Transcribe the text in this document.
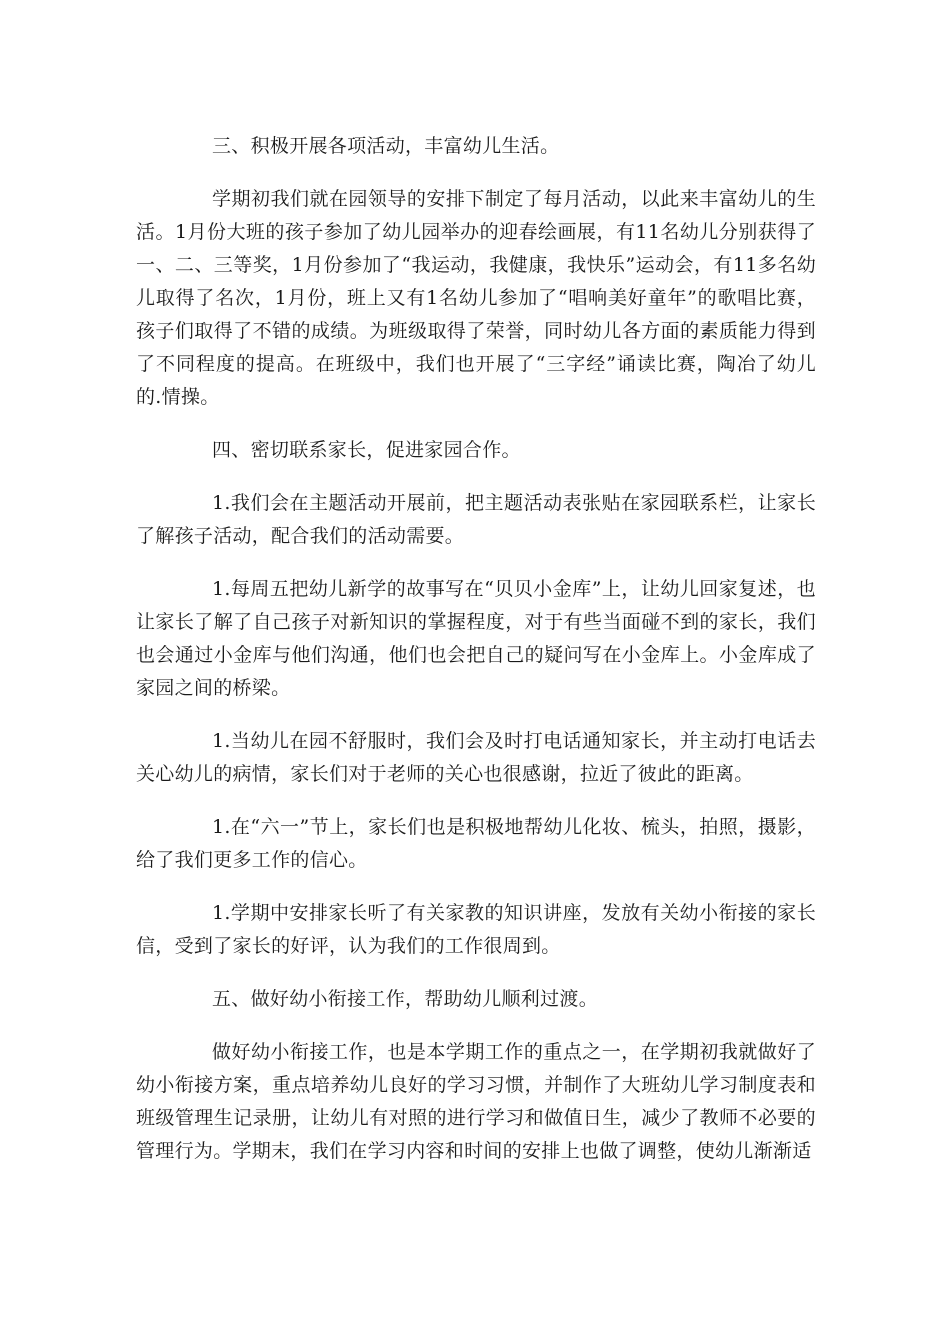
三、积极开展各项活动，丰富幼儿生活。

学期初我们就在园领导的安排下制定了每月活动，以此来丰富幼儿的生活。1月份大班的孩子参加了幼儿园举办的迎春绘画展，有11名幼儿分别获得了一、二、三等奖，1月份参加了“我运动，我健康，我快乐”运动会，有11多名幼儿取得了名次，1月份，班上又有1名幼儿参加了“唱响美好童年”的歌唱比赛，孩子们取得了不错的成绩。为班级取得了荣誉，同时幼儿各方面的素质能力得到了不同程度的提高。在班级中，我们也开展了“三字经”诵读比赛，陶冶了幼儿的.情操。

四、密切联系家长，促进家园合作。

1.我们会在主题活动开展前，把主题活动表张贴在家园联系栏，让家长了解孩子活动，配合我们的活动需要。

1.每周五把幼儿新学的故事写在“贝贝小金库”上，让幼儿回家复述，也让家长了解了自己孩子对新知识的掌握程度，对于有些当面碰不到的家长，我们也会通过小金库与他们沟通，他们也会把自己的疑问写在小金库上。小金库成了家园之间的桥梁。

1.当幼儿在园不舒服时，我们会及时打电话通知家长，并主动打电话去关心幼儿的病情，家长们对于老师的关心也很感谢，拉近了彼此的距离。

1.在“六一”节上，家长们也是积极地帮幼儿化妆、梳头，拍照，摄影，给了我们更多工作的信心。

1.学期中安排家长听了有关家教的知识讲座，发放有关幼小衔接的家长信，受到了家长的好评，认为我们的工作很周到。

五、做好幼小衔接工作，帮助幼儿顺利过渡。

做好幼小衔接工作，也是本学期工作的重点之一，在学期初我就做好了幼小衔接方案，重点培养幼儿良好的学习习惯，并制作了大班幼儿学习制度表和班级管理生记录册，让幼儿有对照的进行学习和做值日生，减少了教师不必要的管理行为。学期末，我们在学习内容和时间的安排上也做了调整，使幼儿渐渐适
